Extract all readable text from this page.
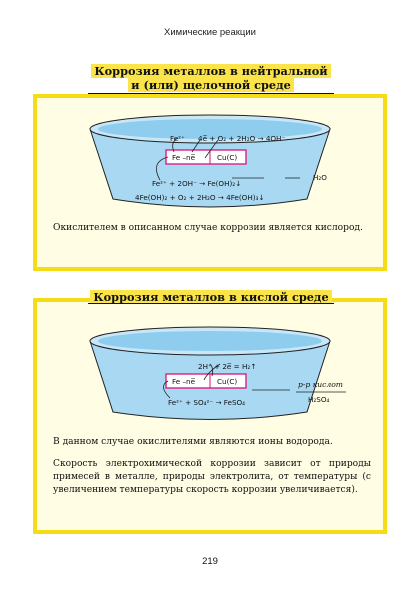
Химические реакции
Коррозия металлов в нейтральной
и (или) щелочной среде
Коррозия металлов в кислой среде
Fe²⁺ 4e̅ + O₂ + 2H₂O → 4OH⁻
Fe –ne̅	Cu(C)
H₂O
Fe²⁺ + 2OH⁻ → Fe(OH)₂↓
4Fe(OH)₂ + O₂ + 2H₂O → 4Fe(OH)₃↓
2H⁺ + 2e̅ = H₂↑
Fe –ne̅	Cu(C)	р-р кислот
H₂SO₄
Fe²⁺ + SO₄²⁻ → FeSO₄
Окислителем в описанном случае коррозии является кислород.
В данном случае окислителями являются ионы водорода.
Скорость электрохимической коррозии зависит от природы примесей в металле, природы электролита, от температуры (с увеличением температуры скорость коррозии увеличивается).
219
